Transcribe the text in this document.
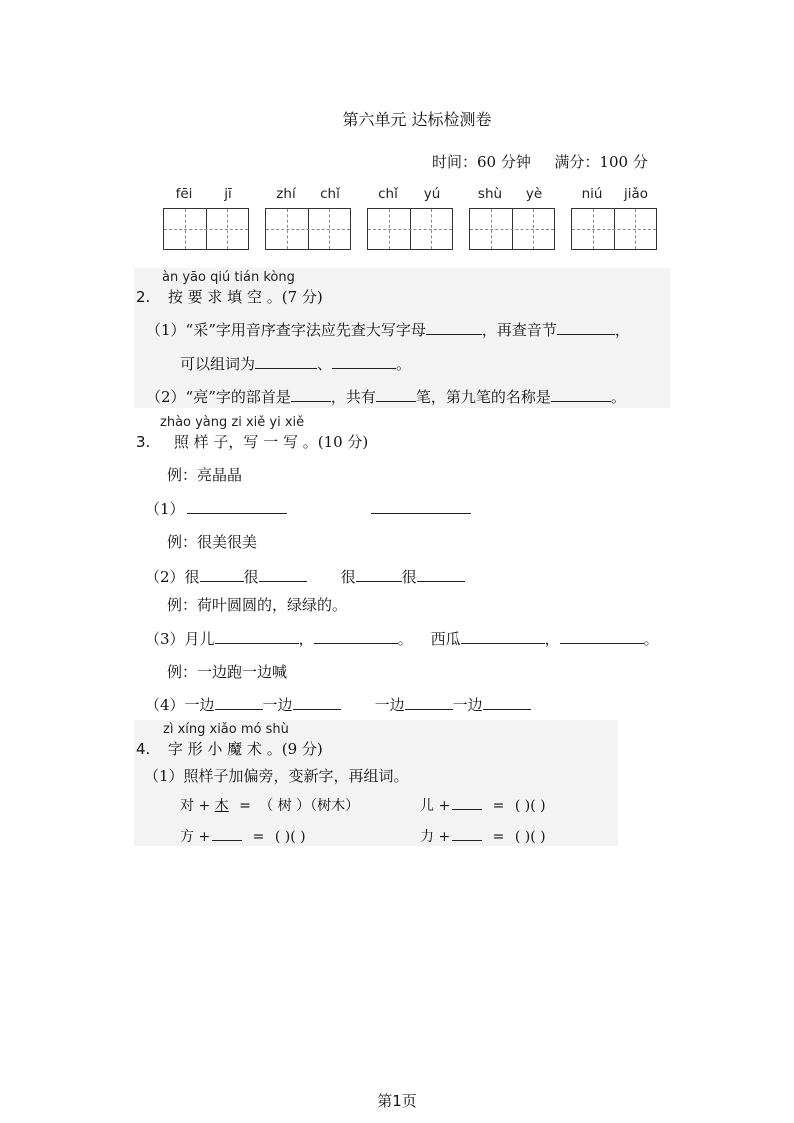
第六单元 达标检测卷
时间：60 分钟 满分：100 分
fēi	jī	zhí	chǐ	chǐ	yú	shù	yè	niú	jiǎo
àn yāo qiú tián kòng
2. 按 要 求 填 空 。(7 分)
（1）“采”字用音序查字法应先查大写字母	，再查音节	，
可以组词为	、	。
（2）“亮”字的部首是	，共有	笔，第九笔的名称是	。
zhào yàng zi xiě yi xiě
3. 照 样 子，写 一 写 。(10 分)
例：亮晶晶
（1）
例：很美很美
（2）很	很	很	很
例：荷叶圆圆的，绿绿的。
（3）月儿	，	。 西瓜	，	。
例：一边跑一边喊
（4）一边	一边	一边	一边
zì xíng xiǎo mó shù
4. 字 形 小 魔 术 。(9 分)
（1）照样子加偏旁，变新字，再组词。
对 + 木 = （ 树 ）（树木）	儿 +	= ( )( )
方 +	= ( )( )	力 +	= ( )( )
第1页
